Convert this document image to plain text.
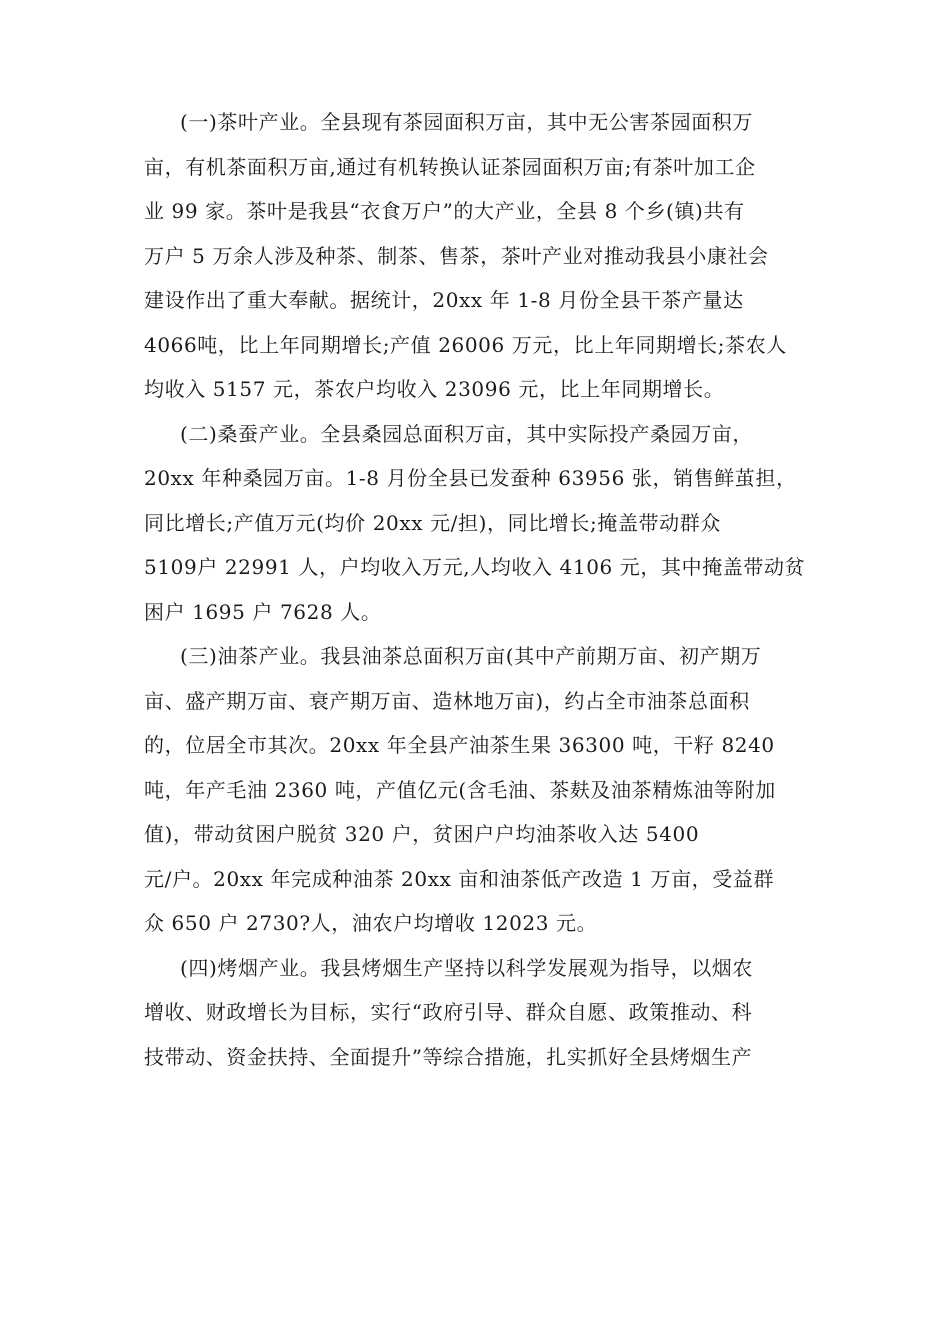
(一)茶叶产业。全县现有茶园面积万亩，其中无公害茶园面积万
亩，有机茶面积万亩,通过有机转换认证茶园面积万亩;有茶叶加工企
业 99 家。茶叶是我县“衣食万户”的大产业，全县 8 个乡(镇)共有
万户 5 万余人涉及种茶、制茶、售茶，茶叶产业对推动我县小康社会
建设作出了重大奉献。据统计，20xx 年 1-8 月份全县干茶产量达
4066吨，比上年同期增长;产值 26006 万元，比上年同期增长;茶农人
均收入 5157 元，茶农户均收入 23096 元，比上年同期增长。
(二)桑蚕产业。全县桑园总面积万亩，其中实际投产桑园万亩，
20xx 年种桑园万亩。1-8 月份全县已发蚕种 63956 张，销售鲜茧担，
同比增长;产值万元(均价 20xx 元/担)，同比增长;掩盖带动群众
5109户 22991 人，户均收入万元,人均收入 4106 元，其中掩盖带动贫
困户 1695 户 7628 人。
(三)油茶产业。我县油茶总面积万亩(其中产前期万亩、初产期万
亩、盛产期万亩、衰产期万亩、造林地万亩)，约占全市油茶总面积
的，位居全市其次。20xx 年全县产油茶生果 36300 吨，干籽 8240
吨，年产毛油 2360 吨，产值亿元(含毛油、茶麸及油茶精炼油等附加
值)，带动贫困户脱贫 320 户，贫困户户均油茶收入达 5400
元/户。20xx 年完成种油茶 20xx 亩和油茶低产改造 1 万亩，受益群
众 650 户 2730?人，油农户均增收 12023 元。
(四)烤烟产业。我县烤烟生产坚持以科学发展观为指导，以烟农
增收、财政增长为目标，实行“政府引导、群众自愿、政策推动、科
技带动、资金扶持、全面提升”等综合措施，扎实抓好全县烤烟生产
